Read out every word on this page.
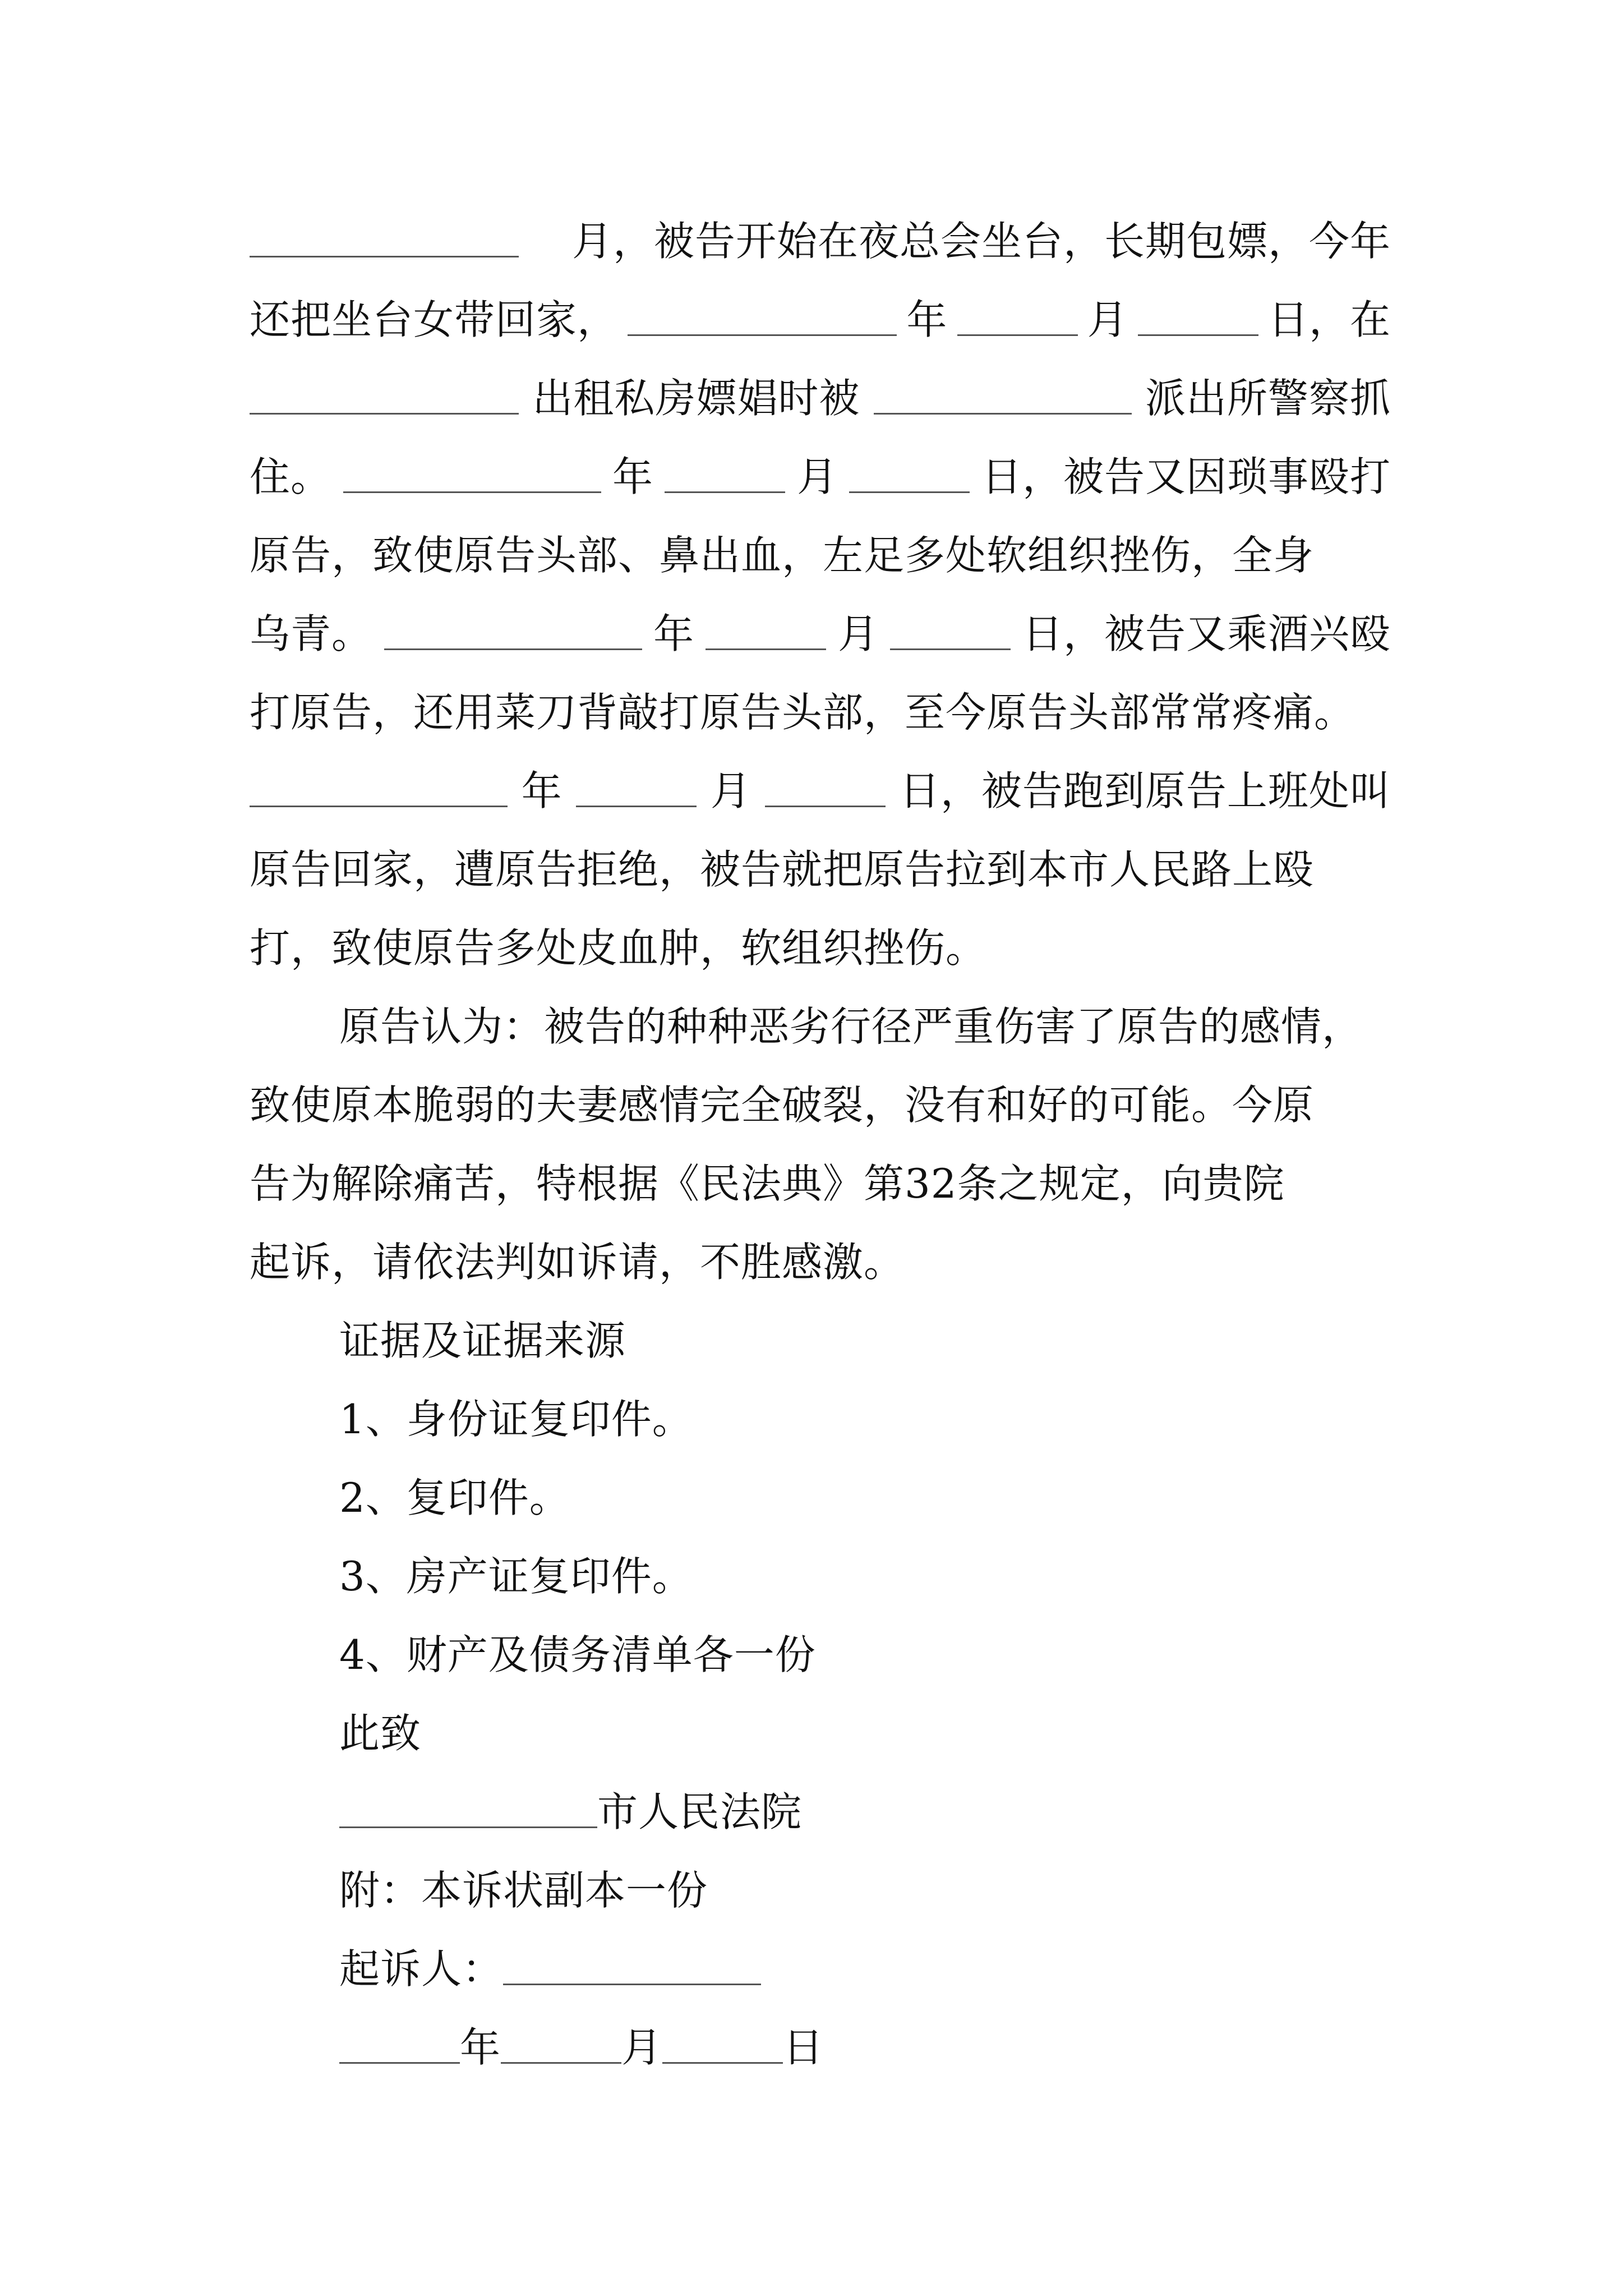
月，被告开始在夜总会坐台，长期包嫖，今年
还把坐台女带回家，	年	月	日，在
出租私房嫖娼时被	派出所警察抓
住。	年	月	日，被告又因琐事殴打
原告，致使原告头部、鼻出血，左足多处软组织挫伤，全身
乌青。	年	月	日，被告又乘酒兴殴
打原告，还用菜刀背敲打原告头部，至今原告头部常常疼痛。
年	月	日，被告跑到原告上班处叫
原告回家，遭原告拒绝，被告就把原告拉到本市人民路上殴
打，致使原告多处皮血肿，软组织挫伤。
原告认为：被告的种种恶劣行径严重伤害了原告的感情，
致使原本脆弱的夫妻感情完全破裂，没有和好的可能。今原
告为解除痛苦，特根据《民法典》第32条之规定，向贵院
起诉，请依法判如诉请，不胜感激。
证据及证据来源
1、身份证复印件。
2、复印件。
3、房产证复印件。
4、财产及债务清单各一份
此致
市人民法院
附：本诉状副本一份
起诉人：
年	月	日
